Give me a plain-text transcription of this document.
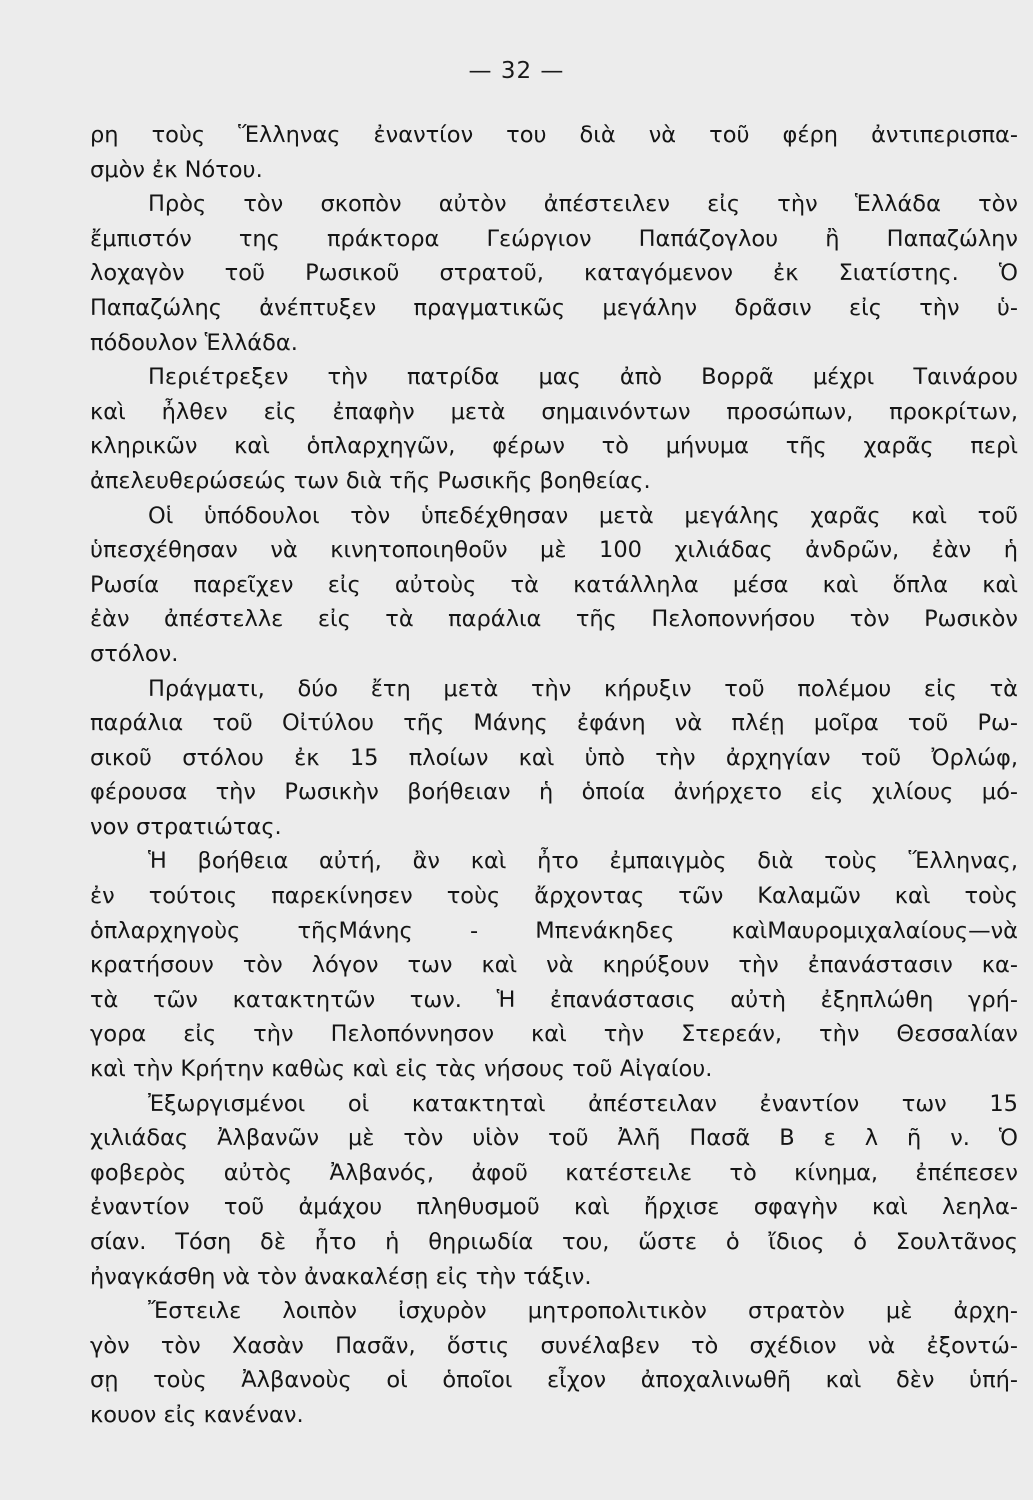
— 32 —
ρη τοὺς Ἕλληνας ἐναντίον του διὰ νὰ τοῦ φέρη ἀντιπερισπα-
σμὸν ἐκ Νότου.
Πρὸς τὸν σκοπὸν αὐτὸν ἀπέστειλεν εἰς τὴν Ἑλλάδα τὸν
ἔμπιστόν της πράκτορα Γεώργιον Παπάζογλου ἢ Παπαζώλην
λοχαγὸν τοῦ Ρωσικοῦ στρατοῦ, καταγόμενον ἐκ Σιατίστης. Ὁ
Παπαζώλης ἀνέπτυξεν πραγματικῶς μεγάλην δρᾶσιν εἰς τὴν ὑ-
πόδουλον Ἑλλάδα.
Περιέτρεξεν τὴν πατρίδα μας ἀπὸ Βορρᾶ μέχρι Ταινάρου
καὶ ἦλθεν εἰς ἐπαφὴν μετὰ σημαινόντων προσώπων, προκρίτων,
κληρικῶν καὶ ὁπλαρχηγῶν, φέρων τὸ μήνυμα τῆς χαρᾶς περὶ
ἀπελευθερώσεώς των διὰ τῆς Ρωσικῆς βοηθείας.
Οἱ ὑπόδουλοι τὸν ὑπεδέχθησαν μετὰ μεγάλης χαρᾶς καὶ τοῦ
ὑπεσχέθησαν νὰ κινητοποιηθοῦν μὲ 100 χιλιάδας ἀνδρῶν, ἐὰν ἡ
Ρωσία παρεῖχεν εἰς αὐτοὺς τὰ κατάλληλα μέσα καὶ ὅπλα καὶ
ἐὰν ἀπέστελλε εἰς τὰ παράλια τῆς Πελοποννήσου τὸν Ρωσικὸν
στόλον.
Πράγματι, δύο ἔτη μετὰ τὴν κήρυξιν τοῦ πολέμου εἰς τὰ
παράλια τοῦ Οἰτύλου τῆς Μάνης ἐφάνη νὰ πλέῃ μοῖρα τοῦ Ρω-
σικοῦ στόλου ἐκ 15 πλοίων καὶ ὑπὸ τὴν ἀρχηγίαν τοῦ Ὀρλώφ,
φέρουσα τὴν Ρωσικὴν βοήθειαν ἡ ὁποία ἀνήρχετο εἰς χιλίους μό-
νον στρατιώτας.
Ἡ βοήθεια αὐτή, ἂν καὶ ἦτο ἐμπαιγμὸς διὰ τοὺς Ἕλληνας,
ἐν τούτοις παρεκίνησεν τοὺς ἄρχοντας τῶν Καλαμῶν καὶ τοὺς
ὁπλαρχηγοὺς τῆςΜάνης - Μπενάκηδες καὶΜαυρομιχαλαίους—νὰ
κρατήσουν τὸν λόγον των καὶ νὰ κηρύξουν τὴν ἐπανάστασιν κα-
τὰ τῶν κατακτητῶν των. Ἡ ἐπανάστασις αὐτὴ ἐξηπλώθη γρή-
γορα εἰς τὴν Πελοπόννησον καὶ τὴν Στερεάν, τὴν Θεσσαλίαν
καὶ τὴν Κρήτην καθὼς καὶ εἰς τὰς νήσους τοῦ Αἰγαίου.
Ἐξωργισμένοι οἱ κατακτηταὶ ἀπέστειλαν ἐναντίον των 15
χιλιάδας Ἀλβανῶν μὲ τὸν υἱὸν τοῦ Ἀλῆ Πασᾶ Β ε λ ῆ ν. Ὁ
φοβερὸς αὐτὸς Ἀλβανός, ἀφοῦ κατέστειλε τὸ κίνημα, ἐπέπεσεν
ἐναντίον τοῦ ἀμάχου πληθυσμοῦ καὶ ἤρχισε σφαγὴν καὶ λεηλα-
σίαν. Τόση δὲ ἦτο ἡ θηριωδία του, ὥστε ὁ ἴδιος ὁ Σουλτᾶνος
ἠναγκάσθη νὰ τὸν ἀνακαλέσῃ εἰς τὴν τάξιν.
Ἔστειλε λοιπὸν ἰσχυρὸν μητροπολιτικὸν στρατὸν μὲ ἀρχη-
γὸν τὸν Χασὰν Πασᾶν, ὅστις συνέλαβεν τὸ σχέδιον νὰ ἐξοντώ-
σῃ τοὺς Ἀλβανοὺς οἱ ὁποῖοι εἶχον ἀποχαλινωθῆ καὶ δὲν ὑπή-
κουον εἰς κανέναν.
